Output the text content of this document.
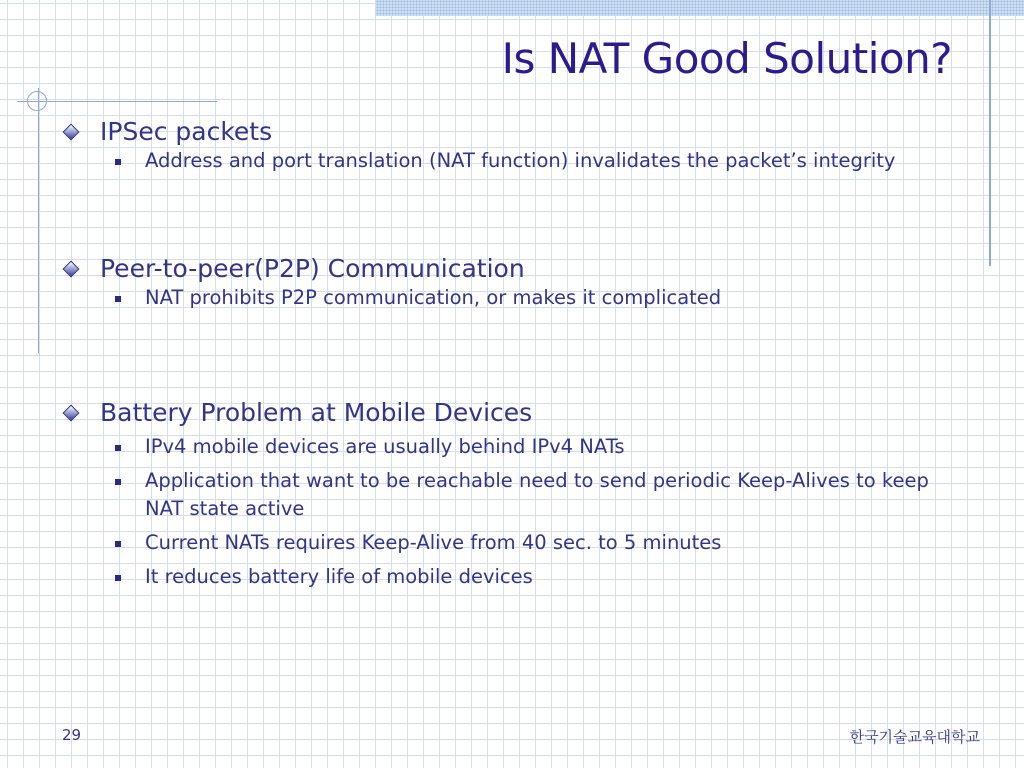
Is NAT Good Solution?
IPSec packets
Address and port translation (NAT function) invalidates the packet’s integrity
Peer-to-peer(P2P) Communication
NAT prohibits P2P communication, or makes it complicated
Battery Problem at Mobile Devices
IPv4 mobile devices are usually behind IPv4 NATs
Application that want to be reachable need to send periodic Keep-Alives to keep NAT state active
Current NATs requires Keep-Alive from 40 sec. to 5 minutes
It reduces battery life of mobile devices
29	한국기술교육대학교
